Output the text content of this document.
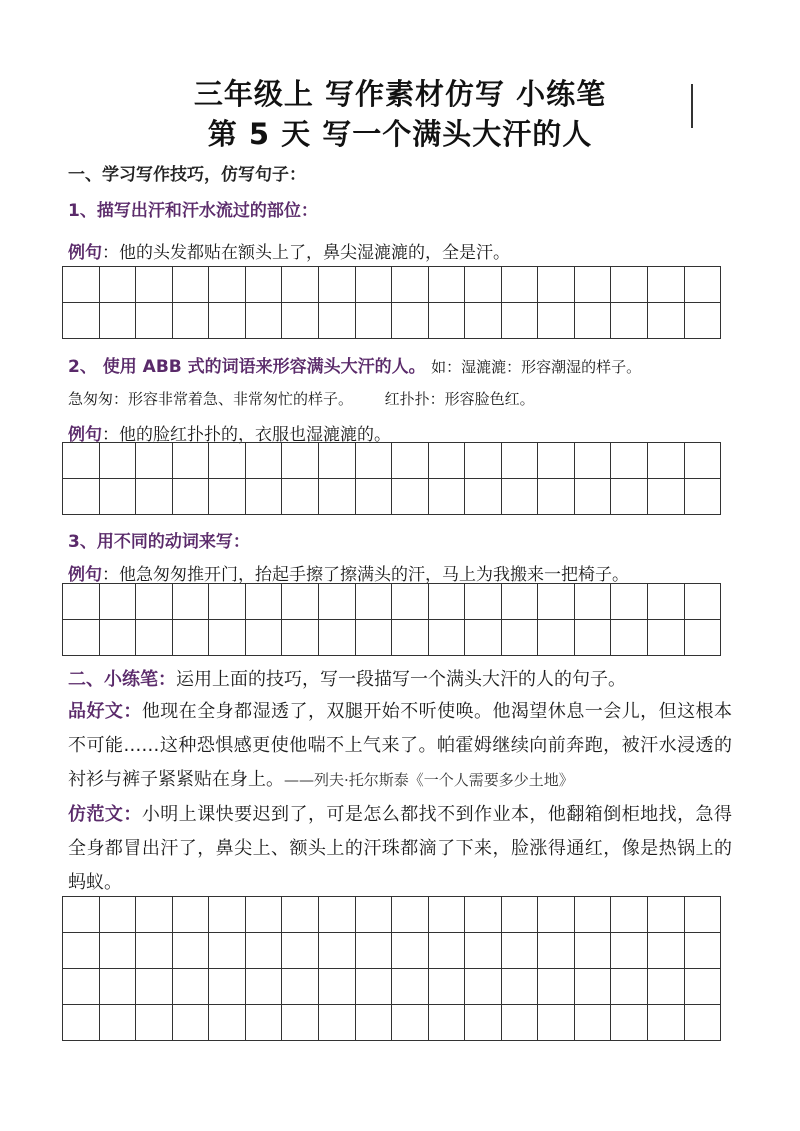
三年级上 写作素材仿写 小练笔
第 5 天 写一个满头大汗的人
一、学习写作技巧，仿写句子：
1、描写出汗和汗水流过的部位：
例句：他的头发都贴在额头上了，鼻尖湿漉漉的，全是汗。
2、 使用 ABB 式的词语来形容满头大汗的人。 如：湿漉漉：形容潮湿的样子。
急匆匆：形容非常着急、非常匆忙的样子。 红扑扑：形容脸色红。
例句：他的脸红扑扑的，衣服也湿漉漉的。
3、用不同的动词来写：
例句：他急匆匆推开门，抬起手擦了擦满头的汗，马上为我搬来一把椅子。
二、小练笔：运用上面的技巧，写一段描写一个满头大汗的人的句子。
品好文：他现在全身都湿透了，双腿开始不听使唤。他渴望休息一会儿，但这根本不可能……这种恐惧感更使他喘不上气来了。帕霍姆继续向前奔跑，被汗水浸透的衬衫与裤子紧紧贴在身上。——列夫·托尔斯泰《一个人需要多少土地》
仿范文：小明上课快要迟到了，可是怎么都找不到作业本，他翻箱倒柜地找，急得全身都冒出汗了，鼻尖上、额头上的汗珠都滴了下来，脸涨得通红，像是热锅上的蚂蚁。
